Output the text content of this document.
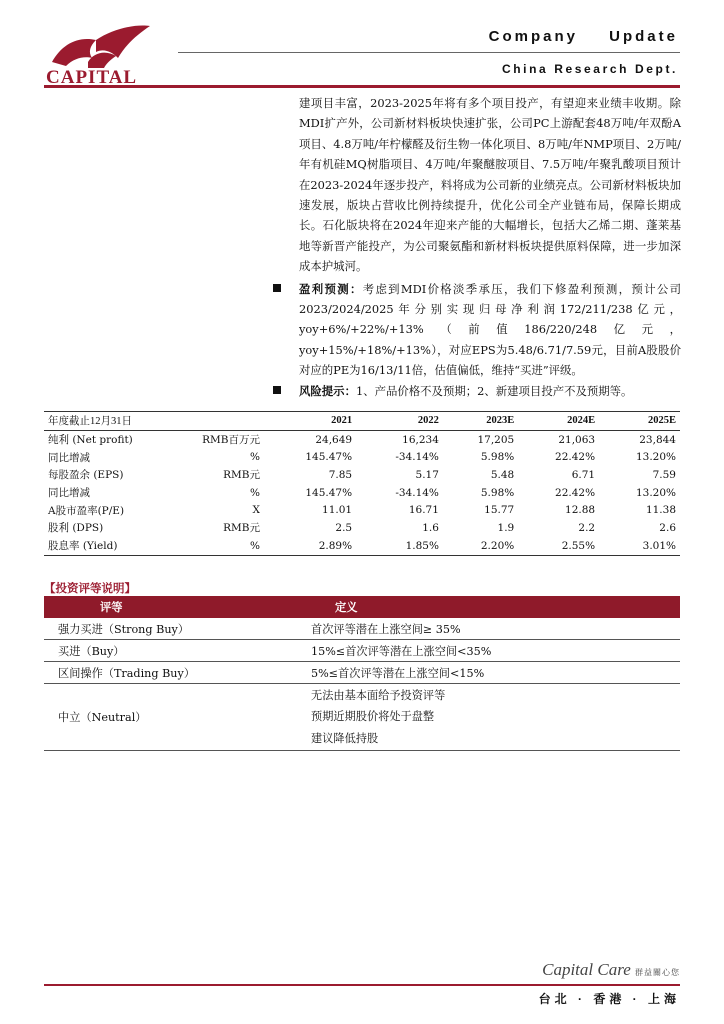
CAPITAL
Company Update
China Research Dept.
建项目丰富，2023-2025年将有多个项目投产，有望迎来业绩丰收期。除MDI扩产外，公司新材料板块快速扩张，公司PC上游配套48万吨/年双酚A项目、4.8万吨/年柠檬醛及衍生物一体化项目、8万吨/年NMP项目、2万吨/年有机硅MQ树脂项目、4万吨/年聚醚胺项目、7.5万吨/年聚乳酸项目预计在2023-2024年逐步投产，料将成为公司新的业绩亮点。公司新材料板块加速发展，版块占营收比例持续提升，优化公司全产业链布局，保障长期成长。石化版块将在2024年迎来产能的大幅增长，包括大乙烯二期、蓬莱基地等新晋产能投产，为公司聚氨酯和新材料板块提供原料保障，进一步加深成本护城河。
盈利预测：考虑到MDI价格淡季承压，我们下修盈利预测，预计公司2023/2024/2025年分别实现归母净利润172/211/238亿元，yoy+6%/+22%/+13%（前值186/220/248亿元，yoy+15%/+18%/+13%），对应EPS为5.48/6.71/7.59元，目前A股股价对应的PE为16/13/11倍，估值偏低，维持“买进”评级。
风险提示：1、产品价格不及预期；2、新建项目投产不及预期等。
年度截止12月31日		2021	2022	2023E	2024E	2025E
纯利 (Net profit)	RMB百万元	24,649	16,234	17,205	21,063	23,844
同比增减	%	145.47%	-34.14%	5.98%	22.42%	13.20%
每股盈余 (EPS)	RMB元	7.85	5.17	5.48	6.71	7.59
同比增减	%	145.47%	-34.14%	5.98%	22.42%	13.20%
A股市盈率(P/E)	X	11.01	16.71	15.77	12.88	11.38
股利 (DPS)	RMB元	2.5	1.6	1.9	2.2	2.6
股息率 (Yield)	%	2.89%	1.85%	2.20%	2.55%	3.01%
【投资评等说明】
评等	定义
强力买进（Strong Buy）	首次评等潜在上涨空间≥ 35%
买进（Buy）	15%≤首次评等潜在上涨空间<35%
区间操作（Trading Buy）	5%≤首次评等潜在上涨空间<15%
中立（Neutral）	无法由基本面给予投资评等
预期近期股价将处于盘整
建议降低持股
Capital Care 群益關心您
台北 · 香港 · 上海
